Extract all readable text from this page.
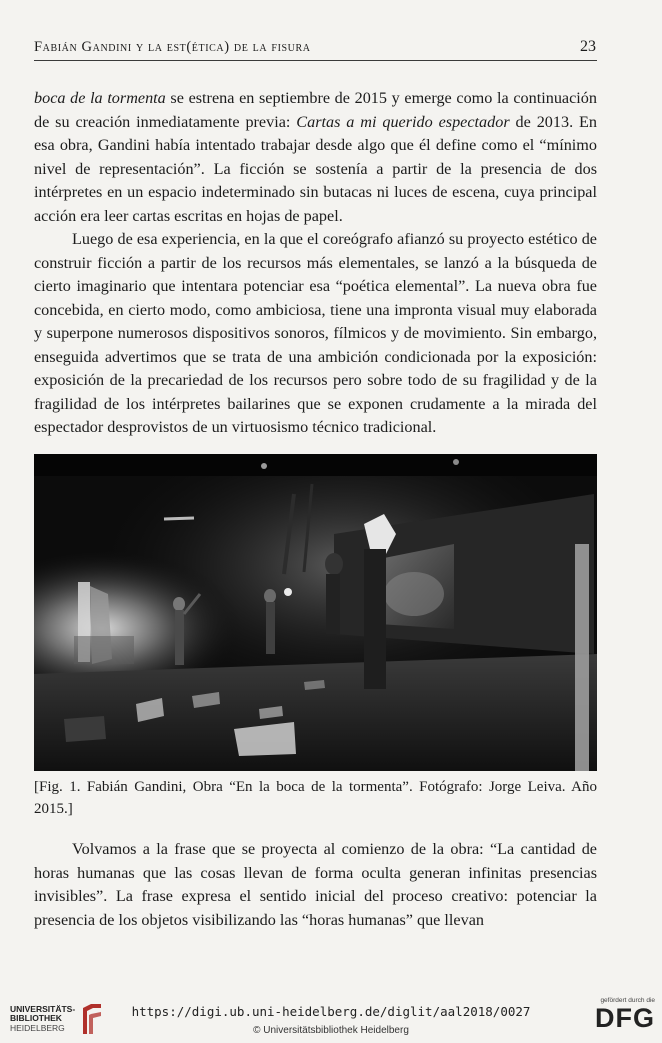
Fabián Gandini y la est(ética) de la fisura	23

boca de la tormenta se estrena en septiembre de 2015 y emerge como la continuación de su creación inmediatamente previa: Cartas a mi querido espectador de 2013. En esa obra, Gandini había intentado trabajar desde algo que él define como el “mínimo nivel de representación”. La ficción se sostenía a partir de la presencia de dos intérpretes en un espacio indeterminado sin butacas ni luces de escena, cuya principal acción era leer cartas escritas en hojas de papel.

Luego de esa experiencia, en la que el coreógrafo afianzó su proyecto estético de construir ficción a partir de los recursos más elementales, se lanzó a la búsqueda de cierto imaginario que intentara potenciar esa “poética elemental”. La nueva obra fue concebida, en cierto modo, como ambiciosa, tiene una impronta visual muy elaborada y superpone numerosos dispositivos sonoros, fílmicos y de movimiento. Sin embargo, enseguida advertimos que se trata de una ambición condicionada por la exposición: exposición de la precariedad de los recursos pero sobre todo de su fragilidad y de la fragilidad de los intérpretes bailarines que se exponen crudamente a la mirada del espectador desprovistos de un virtuosismo técnico tradicional.

[Fig. 1. Fabián Gandini, Obra “En la boca de la tormenta”. Fotógrafo: Jorge Leiva. Año 2015.]

Volvamos a la frase que se proyecta al comienzo de la obra: “La cantidad de horas humanas que las cosas llevan de forma oculta generan infinitas presencias invisibles”. La frase expresa el sentido inicial del proceso creativo: potenciar la presencia de los objetos visibilizando las “horas humanas” que llevan

UNIVERSITÄTS-
BIBLIOTHEK
HEIDELBERG
https://digi.ub.uni-heidelberg.de/diglit/aal2018/0027
© Universitätsbibliothek Heidelberg
gefördert durch die
DFG
